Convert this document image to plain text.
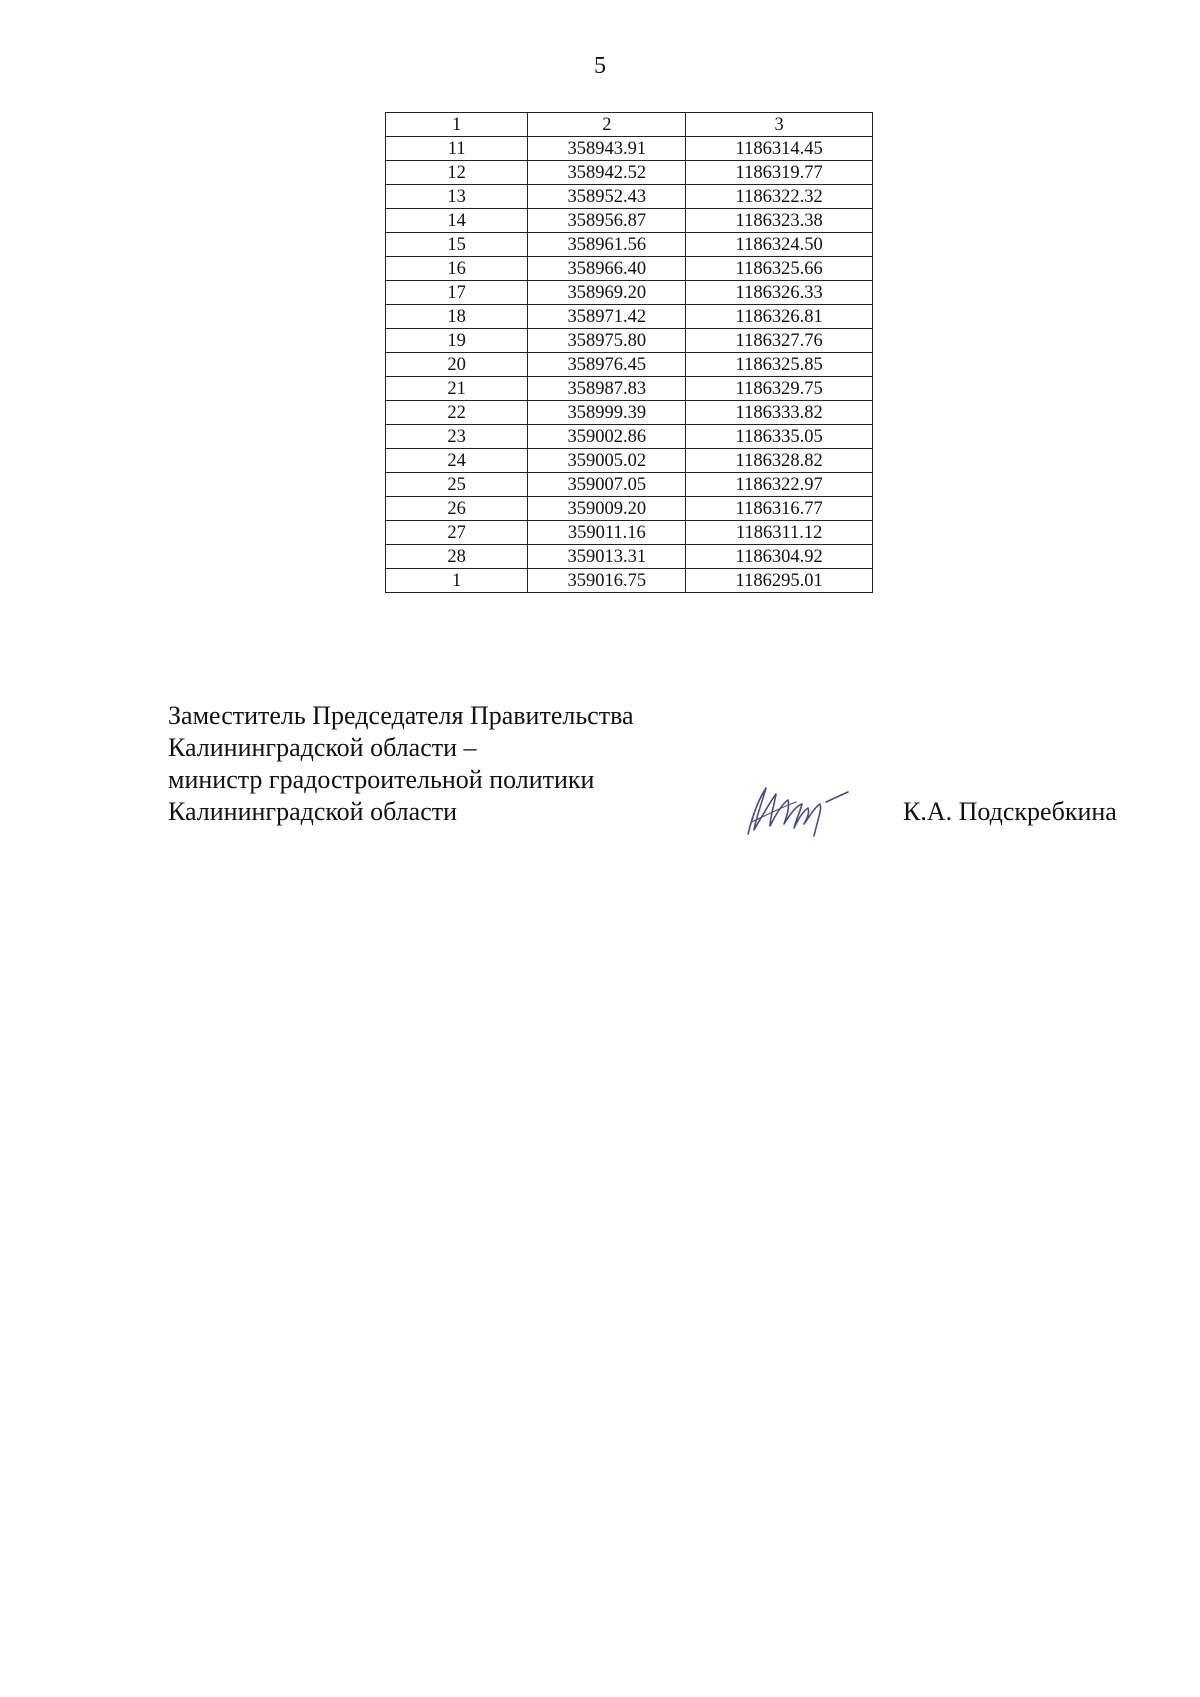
5
1	2	3
11	358943.91	1186314.45
12	358942.52	1186319.77
13	358952.43	1186322.32
14	358956.87	1186323.38
15	358961.56	1186324.50
16	358966.40	1186325.66
17	358969.20	1186326.33
18	358971.42	1186326.81
19	358975.80	1186327.76
20	358976.45	1186325.85
21	358987.83	1186329.75
22	358999.39	1186333.82
23	359002.86	1186335.05
24	359005.02	1186328.82
25	359007.05	1186322.97
26	359009.20	1186316.77
27	359011.16	1186311.12
28	359013.31	1186304.92
1	359016.75	1186295.01
Заместитель Председателя Правительства
Калининградской области –
министр градостроительной политики
Калининградской области	К.А. Подскребкина
